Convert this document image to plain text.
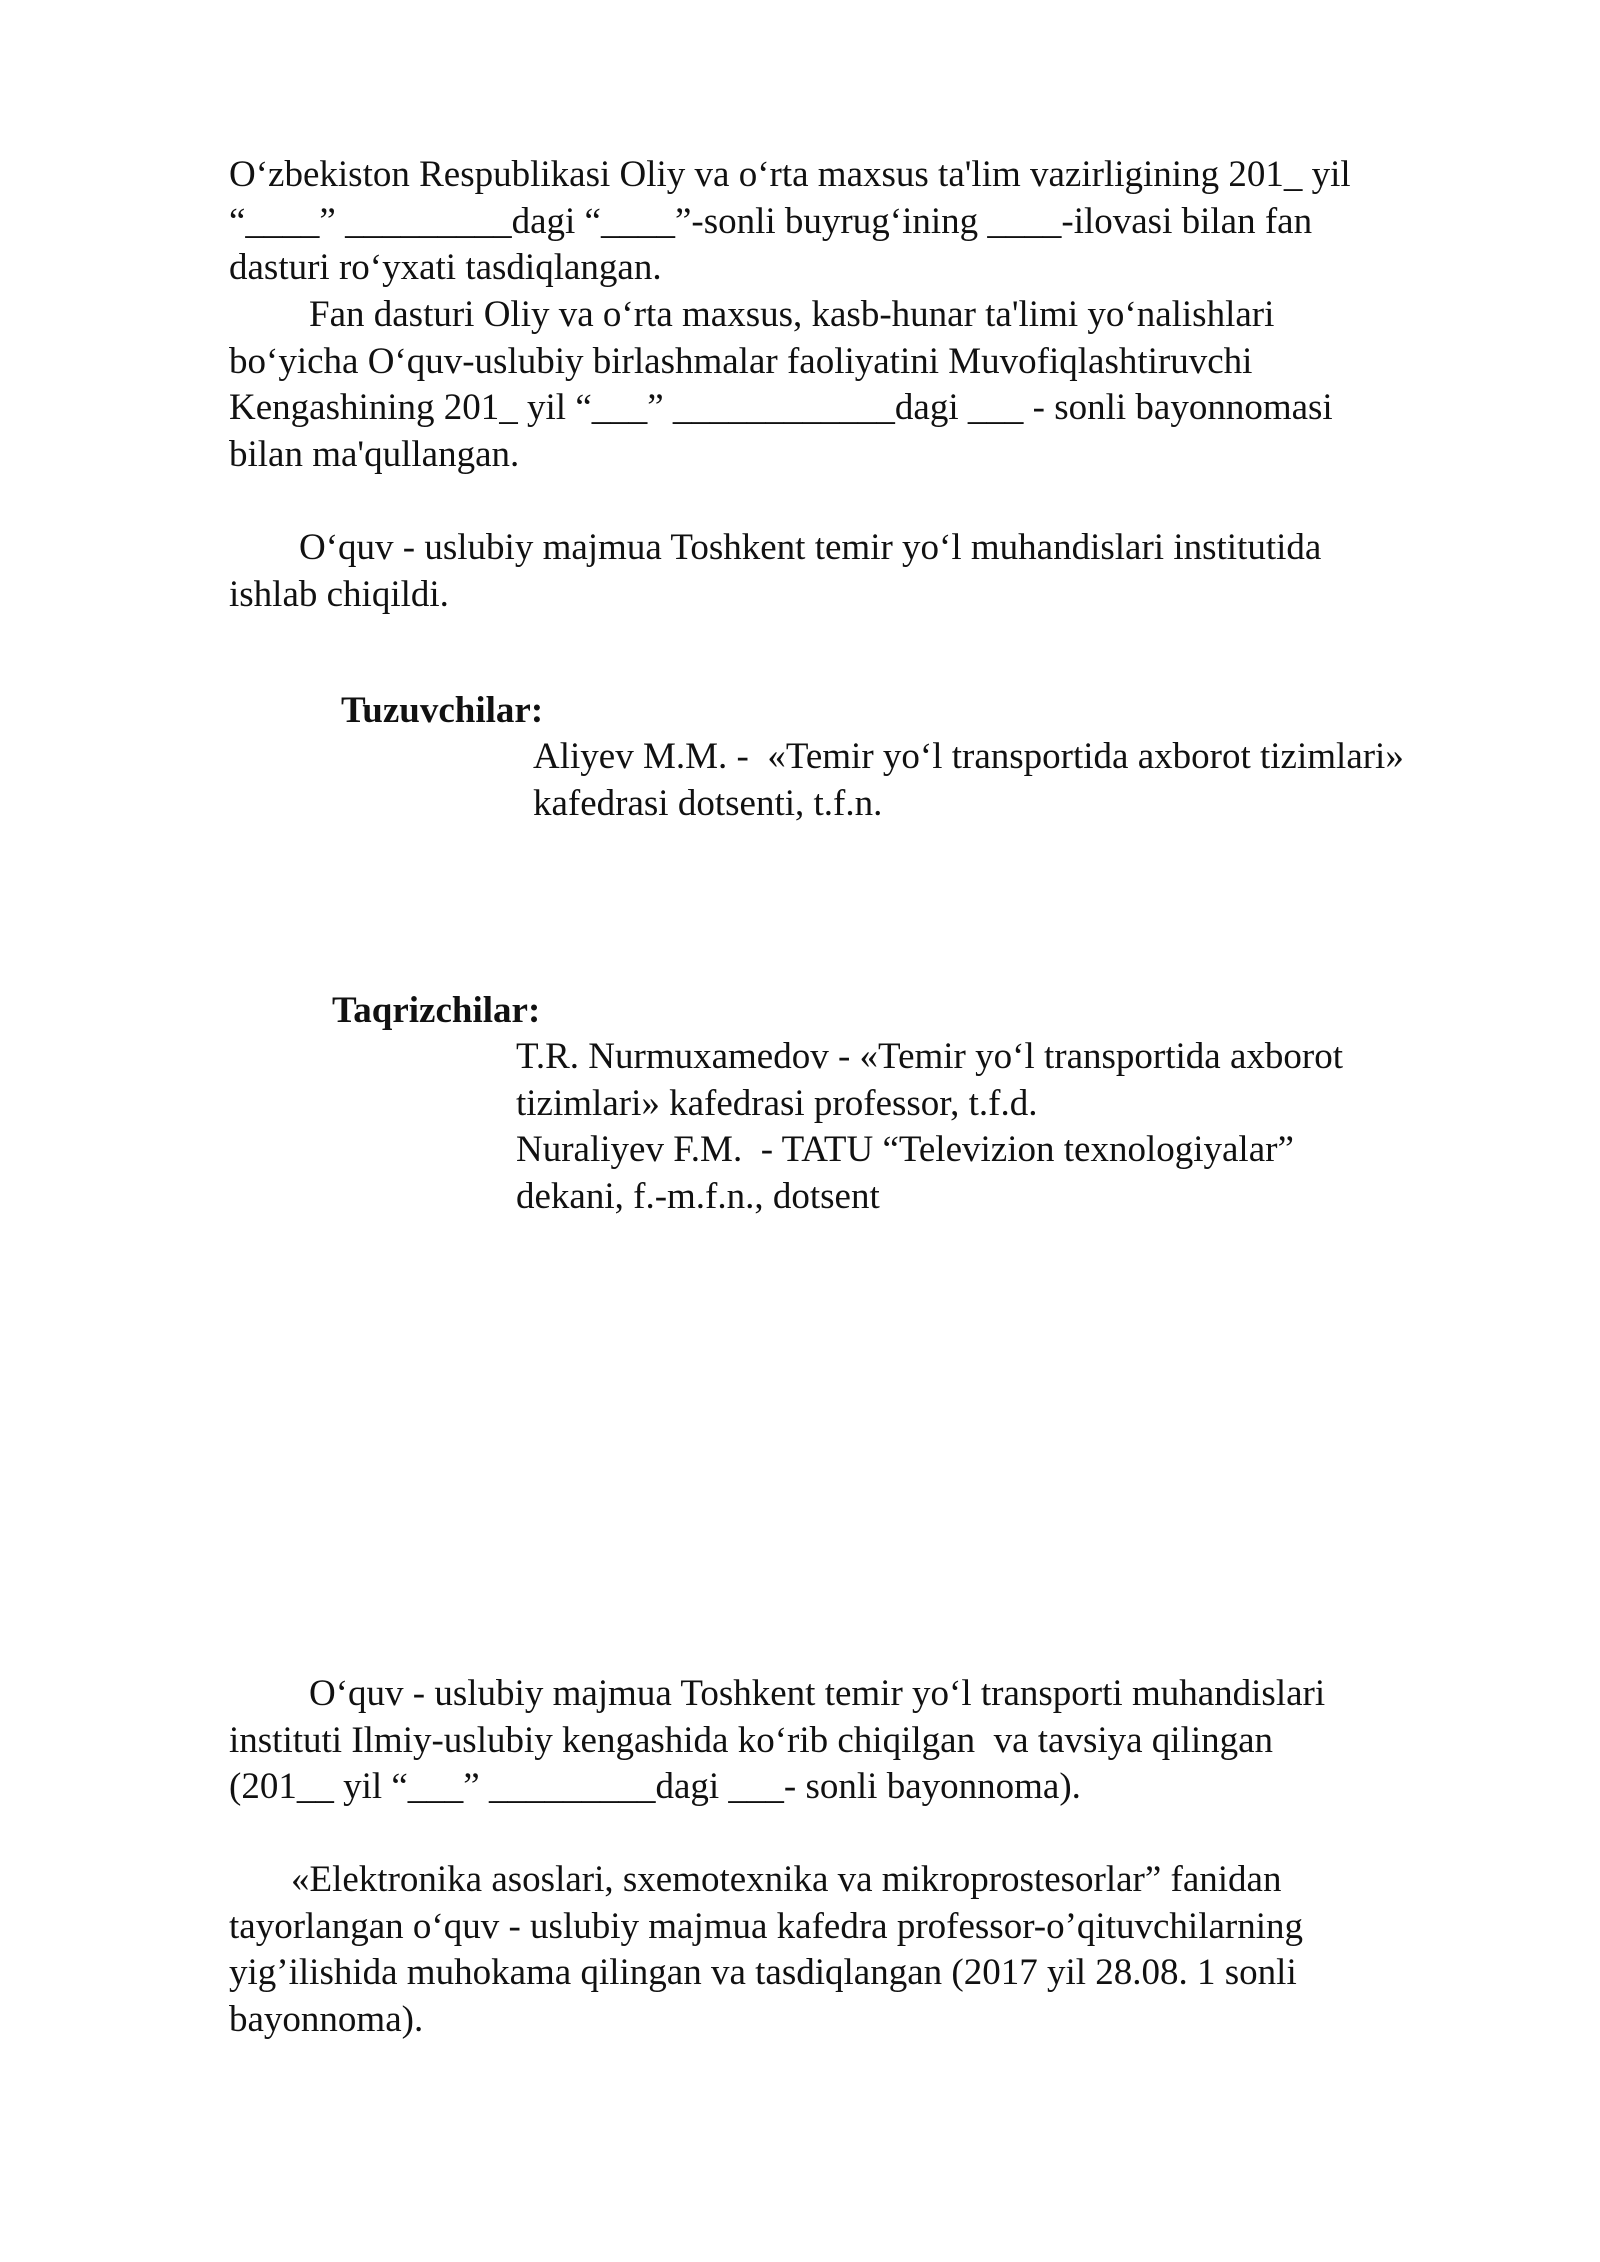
O‘zbekiston Respublikasi Oliy va o‘rta maxsus ta'lim vazirligining 201_ yil
“____” _________dagi “____”-sonli buyrug‘ining ____-ilovasi bilan fan
dasturi ro‘yxati tasdiqlangan.
Fan dasturi Oliy va o‘rta maxsus, kasb-hunar ta'limi yo‘nalishlari
bo‘yicha O‘quv-uslubiy birlashmalar faoliyatini Muvofiqlashtiruvchi
Kengashining 201_ yil “___” ____________dagi ___ - sonli bayonnomasi
bilan ma'qullangan.
O‘quv - uslubiy majmua Toshkent temir yo‘l muhandislari institutida
ishlab chiqildi.
Tuzuvchilar:
Aliyev M.M. -  «Temir yo‘l transportida axborot tizimlari»
kafedrasi dotsenti, t.f.n.
Taqrizchilar:
T.R. Nurmuxamedov - «Temir yo‘l transportida axborot
tizimlari» kafedrasi professor, t.f.d.
Nuraliyev F.M.  - TATU “Televizion texnologiyalar”
dekani, f.-m.f.n., dotsent
O‘quv - uslubiy majmua Toshkent temir yo‘l transporti muhandislari
instituti Ilmiy-uslubiy kengashida ko‘rib chiqilgan  va tavsiya qilingan
(201__ yil “___” _________dagi ___- sonli bayonnoma).
«Elektronika asoslari, sxemotexnika va mikroprostesorlar” fanidan
tayorlangan o‘quv - uslubiy majmua kafedra professor-o’qituvchilarning
yig’ilishida muhokama qilingan va tasdiqlangan (2017 yil 28.08. 1 sonli
bayonnoma).
